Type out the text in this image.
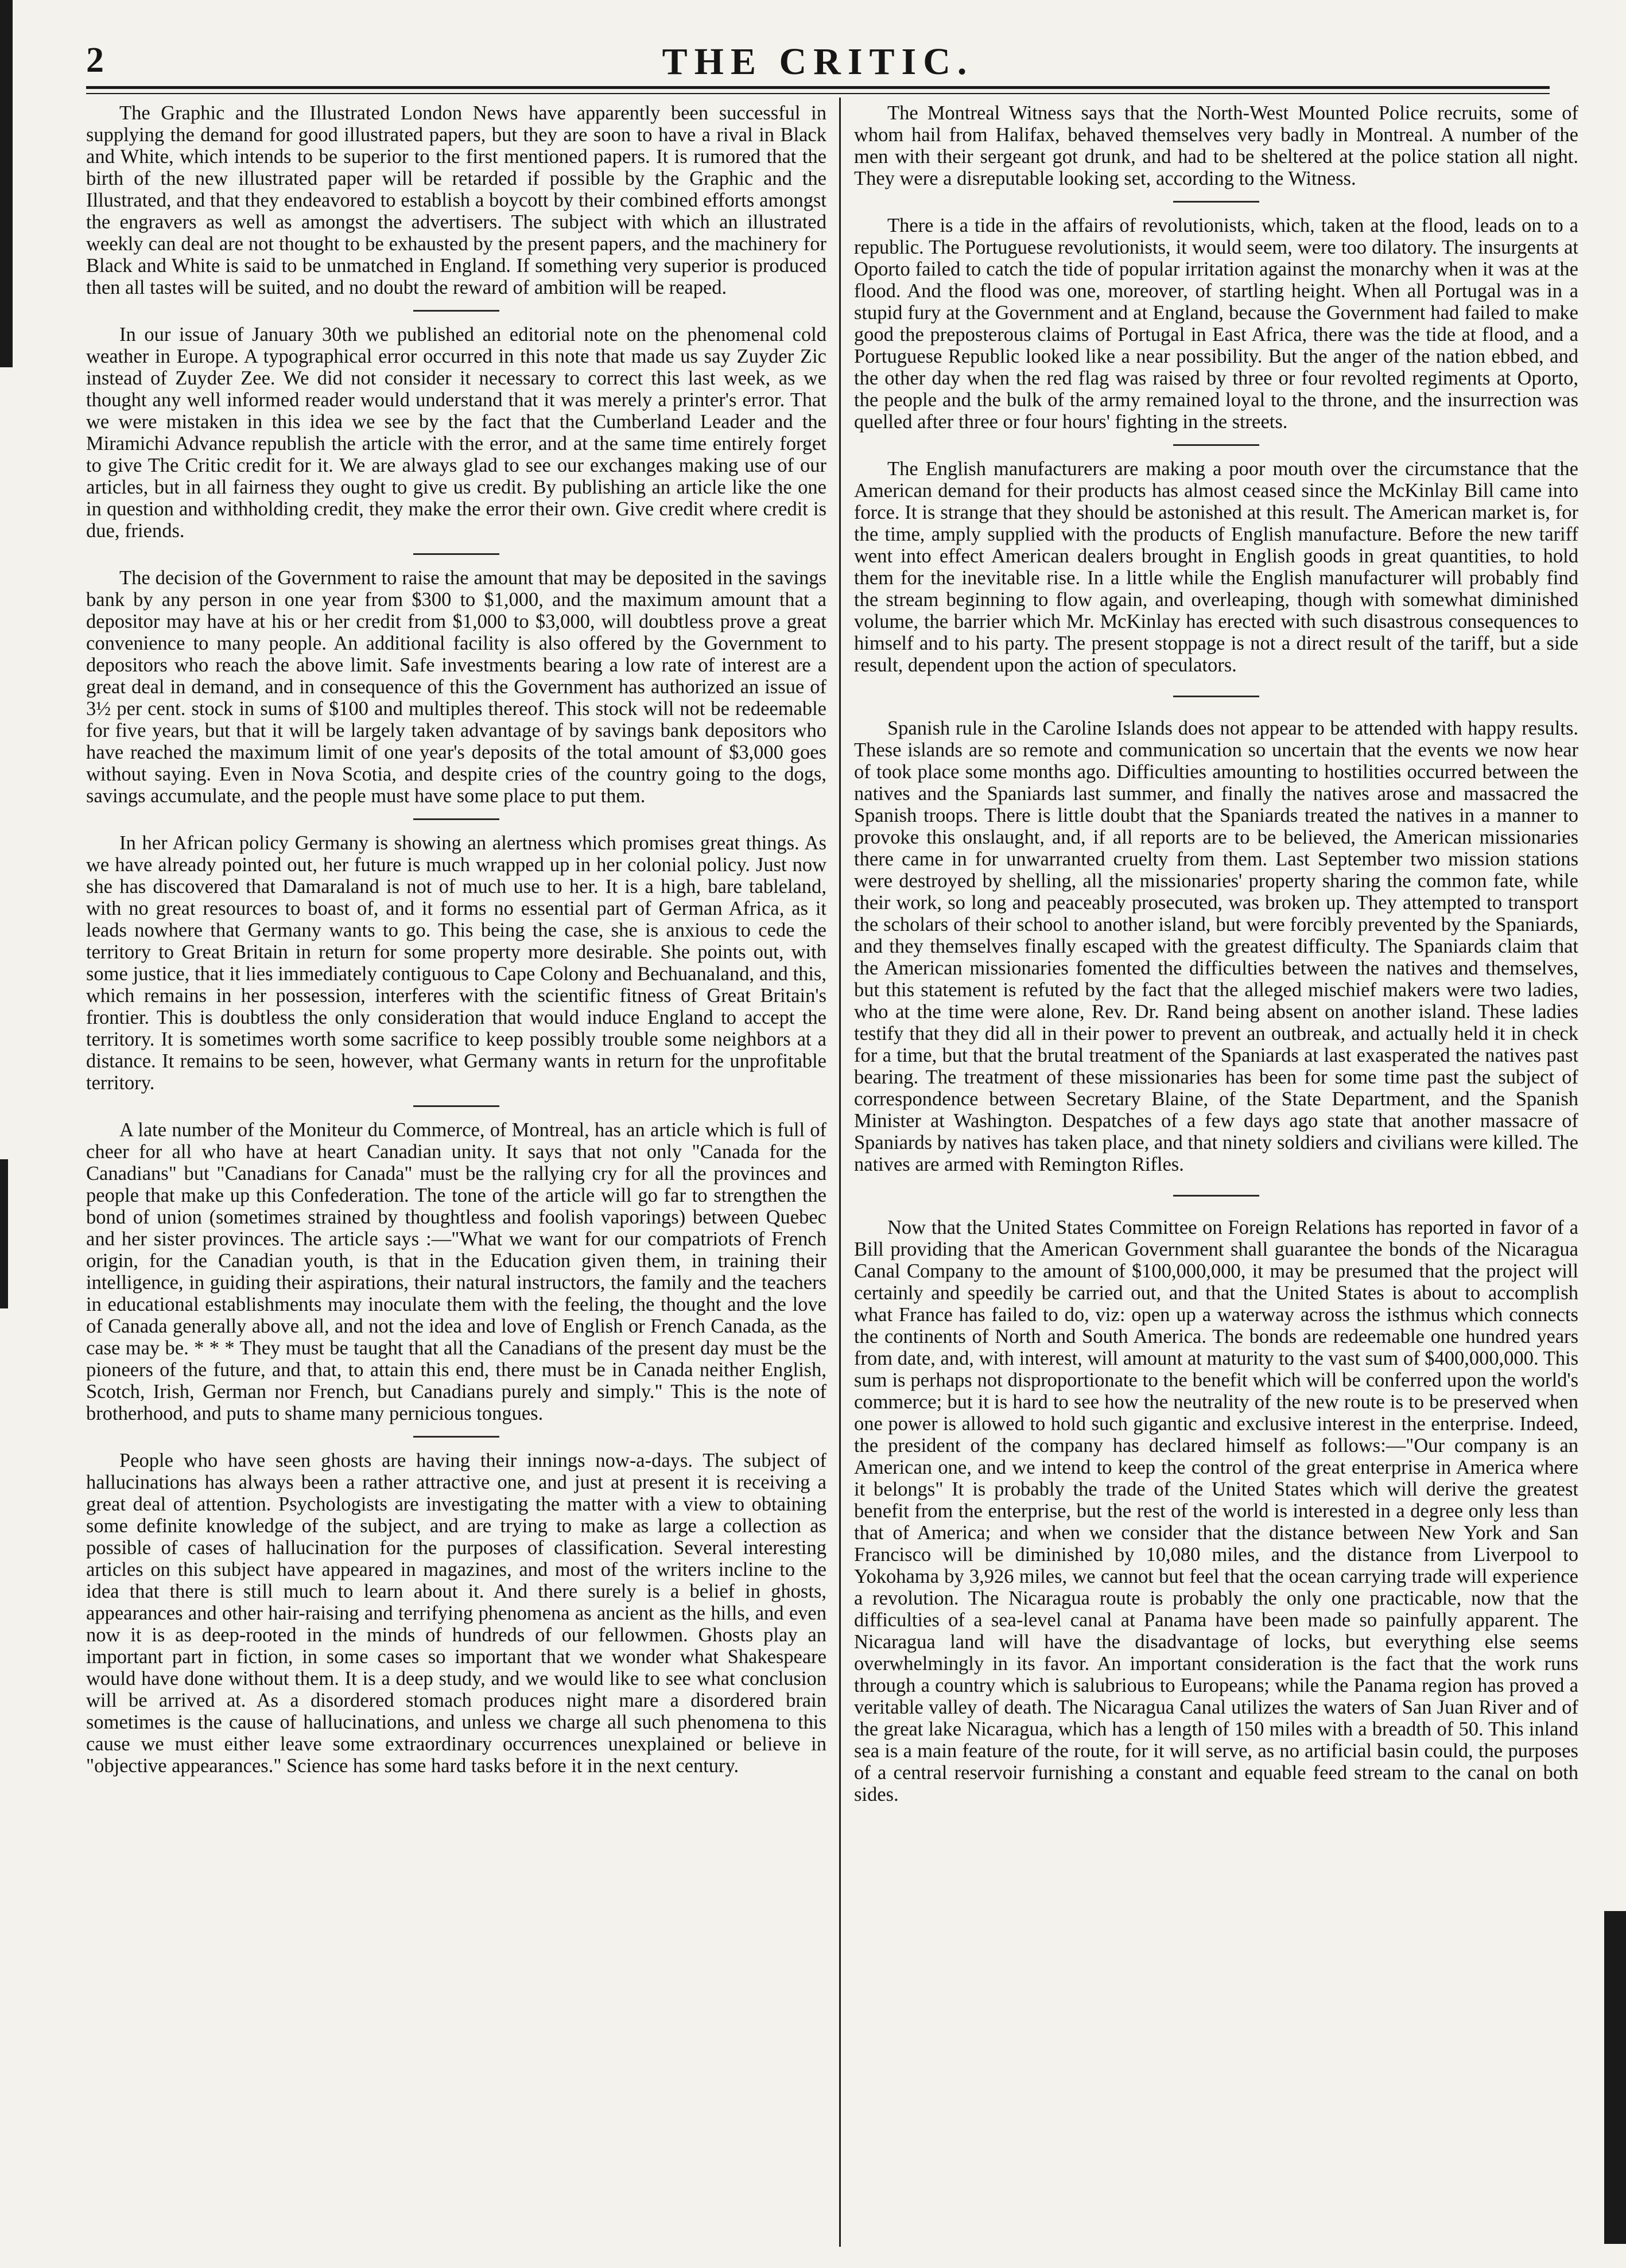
2	THE CRITIC.

The Graphic and the Illustrated London News have apparently been successful in supplying the demand for good illustrated papers, but they are soon to have a rival in Black and White, which intends to be superior to the first mentioned papers. It is rumored that the birth of the new illustrated paper will be retarded if possible by the Graphic and the Illustrated, and that they endeavored to establish a boycott by their combined efforts amongst the engravers as well as amongst the advertisers. The subject with which an illustrated weekly can deal are not thought to be exhausted by the present papers, and the machinery for Black and White is said to be unmatched in England. If something very superior is produced then all tastes will be suited, and no doubt the reward of ambition will be reaped.

In our issue of January 30th we published an editorial note on the phenomenal cold weather in Europe. A typographical error occurred in this note that made us say Zuyder Zic instead of Zuyder Zee. We did not consider it necessary to correct this last week, as we thought any well informed reader would understand that it was merely a printer's error. That we were mistaken in this idea we see by the fact that the Cumberland Leader and the Miramichi Advance republish the article with the error, and at the same time entirely forget to give The Critic credit for it. We are always glad to see our exchanges making use of our articles, but in all fairness they ought to give us credit. By publishing an article like the one in question and withholding credit, they make the error their own. Give credit where credit is due, friends.

The decision of the Government to raise the amount that may be deposited in the savings bank by any person in one year from $300 to $1,000, and the maximum amount that a depositor may have at his or her credit from $1,000 to $3,000, will doubtless prove a great convenience to many people. An additional facility is also offered by the Government to depositors who reach the above limit. Safe investments bearing a low rate of interest are a great deal in demand, and in consequence of this the Government has authorized an issue of 3½ per cent. stock in sums of $100 and multiples thereof. This stock will not be redeemable for five years, but that it will be largely taken advantage of by savings bank depositors who have reached the maximum limit of one year's deposits of the total amount of $3,000 goes without saying. Even in Nova Scotia, and despite cries of the country going to the dogs, savings accumulate, and the people must have some place to put them.

In her African policy Germany is showing an alertness which promises great things. As we have already pointed out, her future is much wrapped up in her colonial policy. Just now she has discovered that Damaraland is not of much use to her. It is a high, bare tableland, with no great resources to boast of, and it forms no essential part of German Africa, as it leads nowhere that Germany wants to go. This being the case, she is anxious to cede the territory to Great Britain in return for some property more desirable. She points out, with some justice, that it lies immediately contiguous to Cape Colony and Bechuanaland, and this, which remains in her possession, interferes with the scientific fitness of Great Britain's frontier. This is doubtless the only consideration that would induce England to accept the territory. It is sometimes worth some sacrifice to keep possibly trouble some neighbors at a distance. It remains to be seen, however, what Germany wants in return for the unprofitable territory.

A late number of the Moniteur du Commerce, of Montreal, has an article which is full of cheer for all who have at heart Canadian unity. It says that not only "Canada for the Canadians" but "Canadians for Canada" must be the rallying cry for all the provinces and people that make up this Confederation. The tone of the article will go far to strengthen the bond of union (sometimes strained by thoughtless and foolish vaporings) between Quebec and her sister provinces. The article says :—"What we want for our compatriots of French origin, for the Canadian youth, is that in the Education given them, in training their intelligence, in guiding their aspirations, their natural instructors, the family and the teachers in educational establishments may inoculate them with the feeling, the thought and the love of Canada generally above all, and not the idea and love of English or French Canada, as the case may be. * * * They must be taught that all the Canadians of the present day must be the pioneers of the future, and that, to attain this end, there must be in Canada neither English, Scotch, Irish, German nor French, but Canadians purely and simply." This is the note of brotherhood, and puts to shame many pernicious tongues.

People who have seen ghosts are having their innings now-a-days. The subject of hallucinations has always been a rather attractive one, and just at present it is receiving a great deal of attention. Psychologists are investigating the matter with a view to obtaining some definite knowledge of the subject, and are trying to make as large a collection as possible of cases of hallucination for the purposes of classification. Several interesting articles on this subject have appeared in magazines, and most of the writers incline to the idea that there is still much to learn about it. And there surely is a belief in ghosts, appearances and other hair-raising and terrifying phenomena as ancient as the hills, and even now it is as deep-rooted in the minds of hundreds of our fellowmen. Ghosts play an important part in fiction, in some cases so important that we wonder what Shakespeare would have done without them. It is a deep study, and we would like to see what conclusion will be arrived at. As a disordered stomach produces night mare a disordered brain sometimes is the cause of hallucinations, and unless we charge all such phenomena to this cause we must either leave some extraordinary occurrences unexplained or believe in "objective appearances." Science has some hard tasks before it in the next century.

The Montreal Witness says that the North-West Mounted Police recruits, some of whom hail from Halifax, behaved themselves very badly in Montreal. A number of the men with their sergeant got drunk, and had to be sheltered at the police station all night. They were a disreputable looking set, according to the Witness.

There is a tide in the affairs of revolutionists, which, taken at the flood, leads on to a republic. The Portuguese revolutionists, it would seem, were too dilatory. The insurgents at Oporto failed to catch the tide of popular irritation against the monarchy when it was at the flood. And the flood was one, moreover, of startling height. When all Portugal was in a stupid fury at the Government and at England, because the Government had failed to make good the preposterous claims of Portugal in East Africa, there was the tide at flood, and a Portuguese Republic looked like a near possibility. But the anger of the nation ebbed, and the other day when the red flag was raised by three or four revolted regiments at Oporto, the people and the bulk of the army remained loyal to the throne, and the insurrection was quelled after three or four hours' fighting in the streets.

The English manufacturers are making a poor mouth over the circumstance that the American demand for their products has almost ceased since the McKinlay Bill came into force. It is strange that they should be astonished at this result. The American market is, for the time, amply supplied with the products of English manufacture. Before the new tariff went into effect American dealers brought in English goods in great quantities, to hold them for the inevitable rise. In a little while the English manufacturer will probably find the stream beginning to flow again, and overleaping, though with somewhat diminished volume, the barrier which Mr. McKinlay has erected with such disastrous consequences to himself and to his party. The present stoppage is not a direct result of the tariff, but a side result, dependent upon the action of speculators.

Spanish rule in the Caroline Islands does not appear to be attended with happy results. These islands are so remote and communication so uncertain that the events we now hear of took place some months ago. Difficulties amounting to hostilities occurred between the natives and the Spaniards last summer, and finally the natives arose and massacred the Spanish troops. There is little doubt that the Spaniards treated the natives in a manner to provoke this onslaught, and, if all reports are to be believed, the American missionaries there came in for unwarranted cruelty from them. Last September two mission stations were destroyed by shelling, all the missionaries' property sharing the common fate, while their work, so long and peaceably prosecuted, was broken up. They attempted to transport the scholars of their school to another island, but were forcibly prevented by the Spaniards, and they themselves finally escaped with the greatest difficulty. The Spaniards claim that the American missionaries fomented the difficulties between the natives and themselves, but this statement is refuted by the fact that the alleged mischief makers were two ladies, who at the time were alone, Rev. Dr. Rand being absent on another island. These ladies testify that they did all in their power to prevent an outbreak, and actually held it in check for a time, but that the brutal treatment of the Spaniards at last exasperated the natives past bearing. The treatment of these missionaries has been for some time past the subject of correspondence between Secretary Blaine, of the State Department, and the Spanish Minister at Washington. Despatches of a few days ago state that another massacre of Spaniards by natives has taken place, and that ninety soldiers and civilians were killed. The natives are armed with Remington Rifles.

Now that the United States Committee on Foreign Relations has reported in favor of a Bill providing that the American Government shall guarantee the bonds of the Nicaragua Canal Company to the amount of $100,000,000, it may be presumed that the project will certainly and speedily be carried out, and that the United States is about to accomplish what France has failed to do, viz: open up a waterway across the isthmus which connects the continents of North and South America. The bonds are redeemable one hundred years from date, and, with interest, will amount at maturity to the vast sum of $400,000,000. This sum is perhaps not disproportionate to the benefit which will be conferred upon the world's commerce; but it is hard to see how the neutrality of the new route is to be preserved when one power is allowed to hold such gigantic and exclusive interest in the enterprise. Indeed, the president of the company has declared himself as follows:—"Our company is an American one, and we intend to keep the control of the great enterprise in America where it belongs" It is probably the trade of the United States which will derive the greatest benefit from the enterprise, but the rest of the world is interested in a degree only less than that of America; and when we consider that the distance between New York and San Francisco will be diminished by 10,080 miles, and the distance from Liverpool to Yokohama by 3,926 miles, we cannot but feel that the ocean carrying trade will experience a revolution. The Nicaragua route is probably the only one practicable, now that the difficulties of a sea-level canal at Panama have been made so painfully apparent. The Nicaragua land will have the disadvantage of locks, but everything else seems overwhelmingly in its favor. An important consideration is the fact that the work runs through a country which is salubrious to Europeans; while the Panama region has proved a veritable valley of death. The Nicaragua Canal utilizes the waters of San Juan River and of the great lake Nicaragua, which has a length of 150 miles with a breadth of 50. This inland sea is a main feature of the route, for it will serve, as no artificial basin could, the purposes of a central reservoir furnishing a constant and equable feed stream to the canal on both sides.
